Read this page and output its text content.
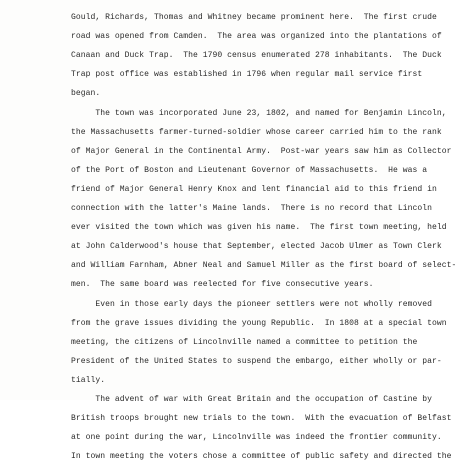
Gould, Richards, Thomas and Whitney became prominent here.  The first crude
road was opened from Camden.  The area was organized into the plantations of
Canaan and Duck Trap.  The 1790 census enumerated 278 inhabitants.  The Duck
Trap post office was established in 1796 when regular mail service first
began.
The town was incorporated June 23, 1802, and named for Benjamin Lincoln,
the Massachusetts farmer-turned-soldier whose career carried him to the rank
of Major General in the Continental Army.  Post-war years saw him as Collector
of the Port of Boston and Lieutenant Governor of Massachusetts.  He was a
friend of Major General Henry Knox and lent financial aid to this friend in
connection with the latter's Maine lands.  There is no record that Lincoln
ever visited the town which was given his name.  The first town meeting, held
at John Calderwood's house that September, elected Jacob Ulmer as Town Clerk
and William Farnham, Abner Neal and Samuel Miller as the first board of select-
men.  The same board was reelected for five consecutive years.
Even in those early days the pioneer settlers were not wholly removed
from the grave issues dividing the young Republic.  In 1808 at a special town
meeting, the citizens of Lincolnville named a committee to petition the
President of the United States to suspend the embargo, either wholly or par-
tially.
The advent of war with Great Britain and the occupation of Castine by
British troops brought new trials to the town.  With the evacuation of Belfast
at one point during the war, Lincolnville was indeed the frontier community.
In town meeting the voters chose a committee of public safety and directed the
